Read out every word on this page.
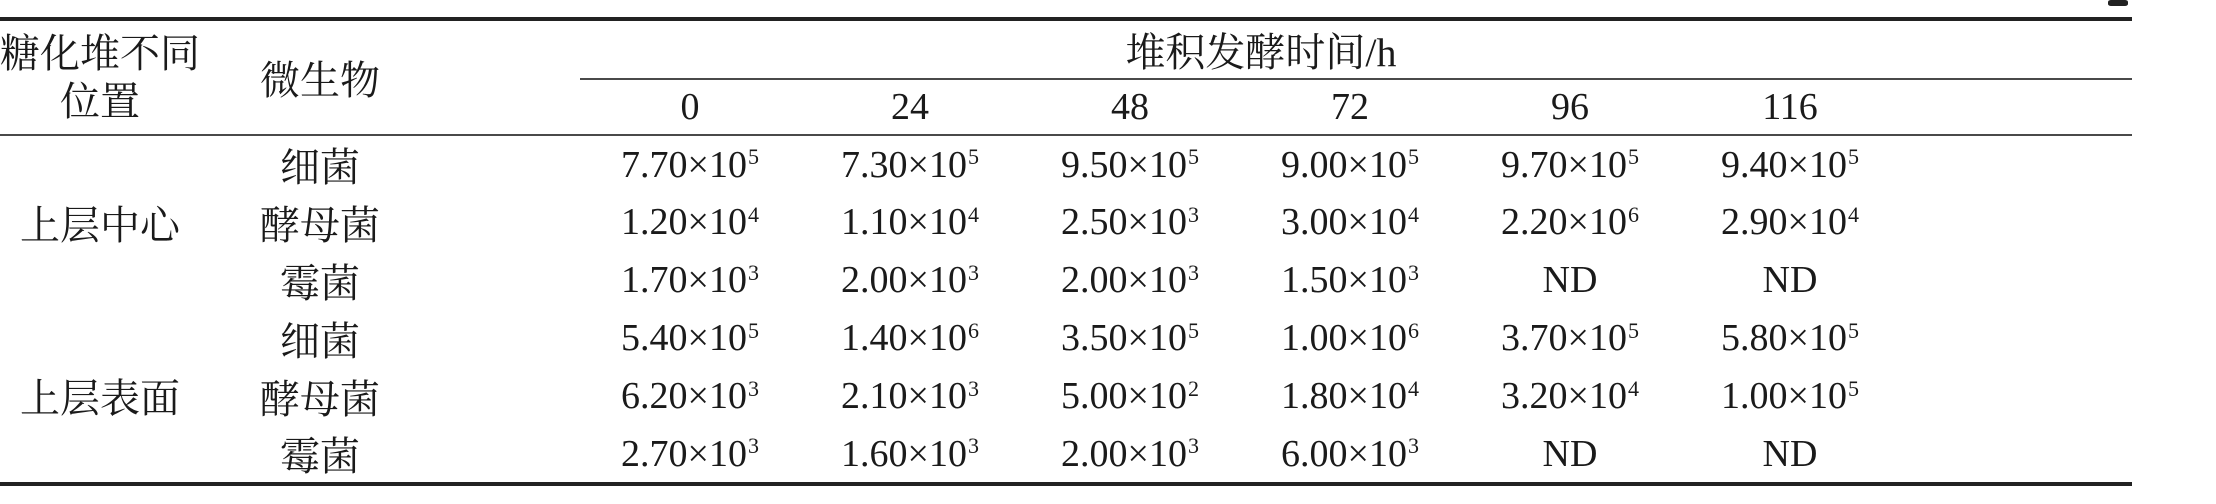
糖化堆不同
位置	微生物		堆积发酵时间/h						
			0	24	48	72	96	116	
上层中心	细菌		$7.70\times 10^5$	$7.30\times 10^5$	$9.50\times 10^5$	$9.00\times 10^5$	$9.70\times 10^5$	$9.40\times 10^5$	
	酵母菌		$1.20\times 10^4$	$1.10\times 10^4$	$2.50\times 10^3$	$3.00\times 10^4$	$2.20\times 10^6$	$2.90\times 10^4$	
	霉菌		$1.70\times 10^3$	$2.00\times 10^3$	$2.00\times 10^3$	$1.50\times 10^3$	ND	ND	
上层表面	细菌		$5.40\times 10^5$	$1.40\times 10^6$	$3.50\times 10^5$	$1.00\times 10^6$	$3.70\times 10^5$	$5.80\times 10^5$	
	酵母菌		$6.20\times 10^3$	$2.10\times 10^3$	$5.00\times 10^2$	$1.80\times 10^4$	$3.20\times 10^4$	$1.00\times 10^5$	
	霉菌		$2.70\times 10^3$	$1.60\times 10^3$	$2.00\times 10^3$	$6.00\times 10^3$	ND	ND	
